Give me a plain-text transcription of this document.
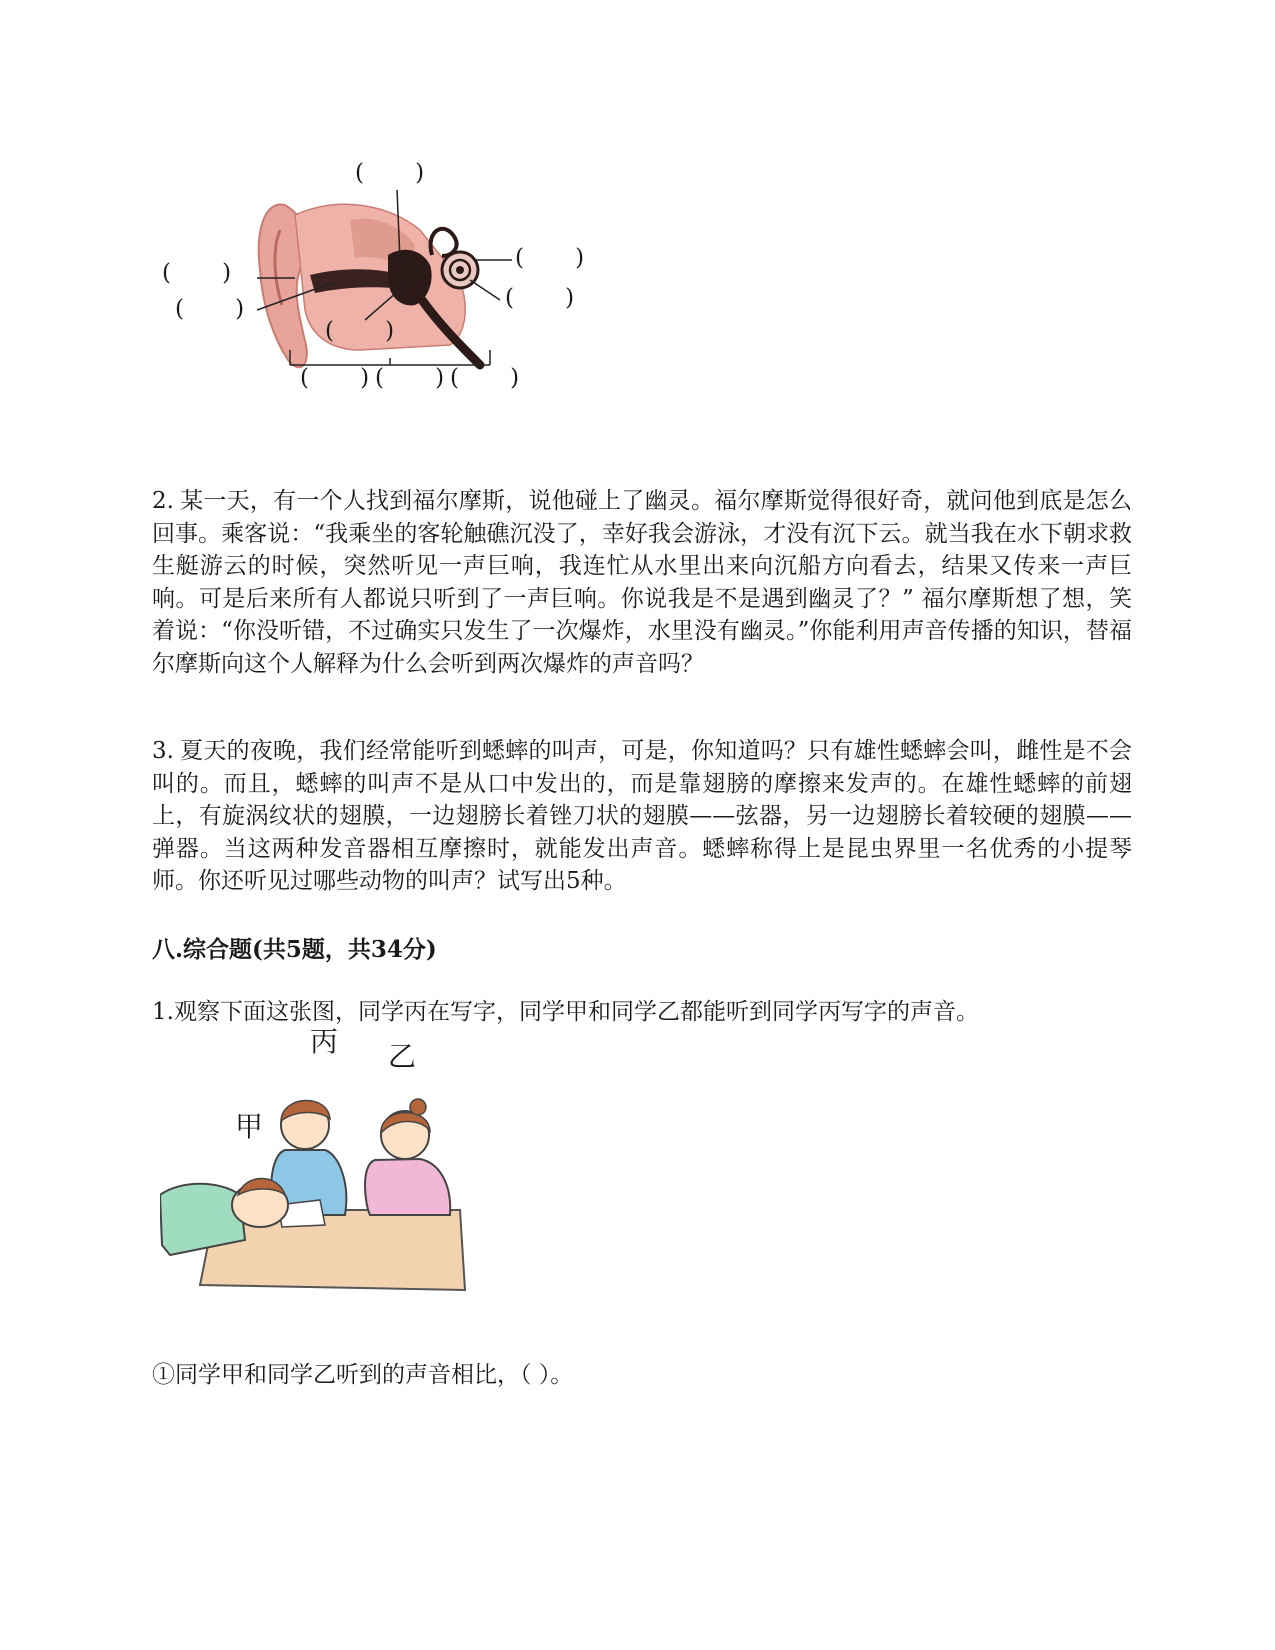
(       )
(       )
(       )
(       )
(       )
(       )
(       ) (       ) (       )

2. 某一天，有一个人找到福尔摩斯，说他碰上了幽灵。福尔摩斯觉得很好奇，就问他到底是怎么回事。乘客说：“我乘坐的客轮触礁沉没了，幸好我会游泳，才没有沉下云。就当我在水下朝求救生艇游云的时候，突然听见一声巨响，我连忙从水里出来向沉船方向看去，结果又传来一声巨响。可是后来所有人都说只听到了一声巨响。你说我是不是遇到幽灵了？” 福尔摩斯想了想，笑着说：“你没听错，不过确实只发生了一次爆炸，水里没有幽灵。”你能利用声音传播的知识，替福尔摩斯向这个人解释为什么会听到两次爆炸的声音吗？

3. 夏天的夜晚，我们经常能听到蟋蟀的叫声，可是，你知道吗？只有雄性蟋蟀会叫，雌性是不会叫的。而且，蟋蟀的叫声不是从口中发出的，而是靠翅膀的摩擦来发声的。在雄性蟋蟀的前翅上，有旋涡纹状的翅膜，一边翅膀长着锉刀状的翅膜——弦器，另一边翅膀长着较硬的翅膜——弹器。当这两种发音器相互摩擦时，就能发出声音。蟋蟀称得上是昆虫界里一名优秀的小提琴师。你还听见过哪些动物的叫声？试写出5种。

八.综合题(共5题，共34分)

1.观察下面这张图，同学丙在写字，同学甲和同学乙都能听到同学丙写字的声音。

丙 乙
甲

①同学甲和同学乙听到的声音相比，（ ）。
